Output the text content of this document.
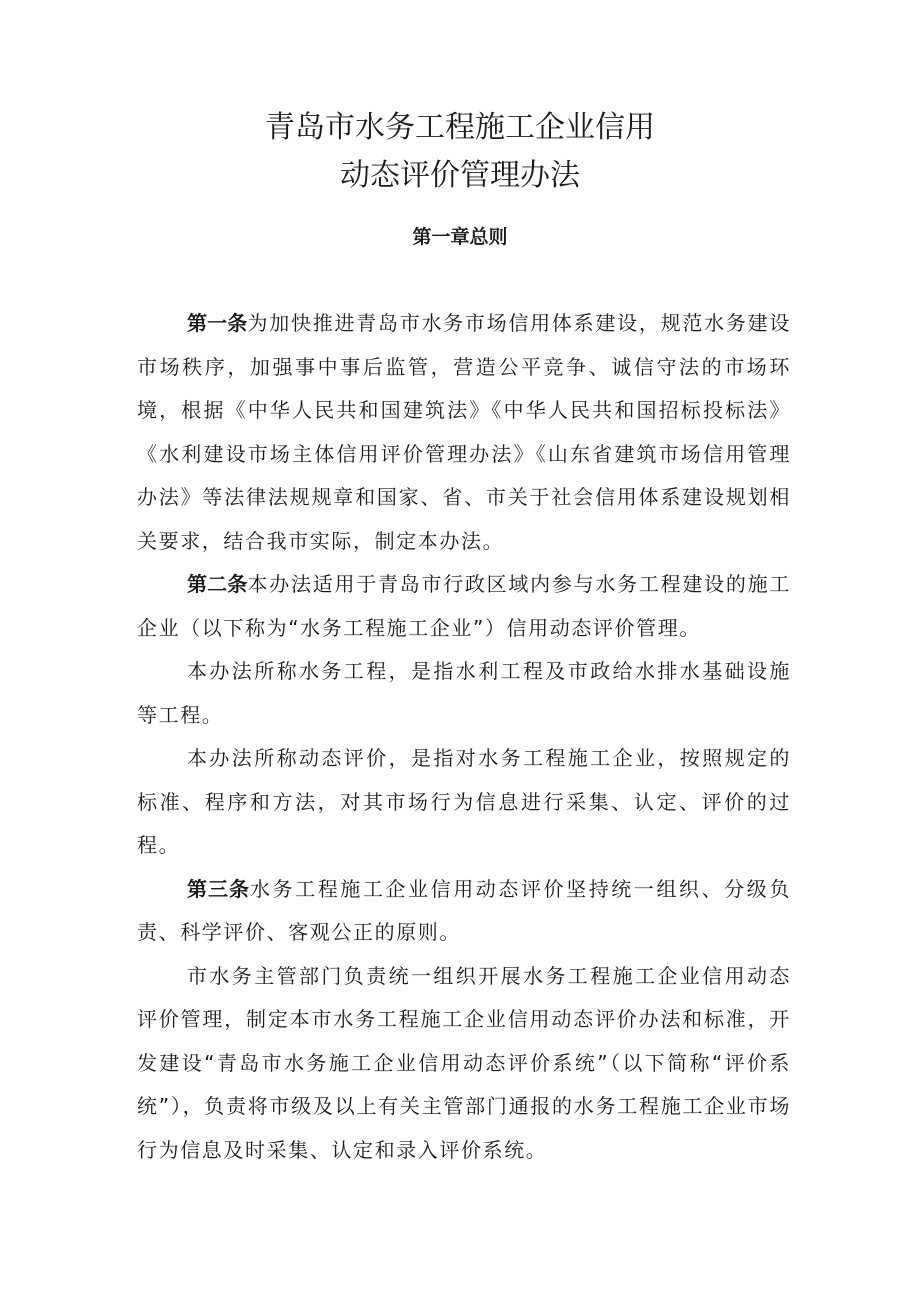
青岛市水务工程施工企业信用
动态评价管理办法
第一章总则

第一条为加快推进青岛市水务市场信用体系建设，规范水务建设市场秩序，加强事中事后监管，营造公平竞争、诚信守法的市场环境，根据《中华人民共和国建筑法》《中华人民共和国招标投标法》《水利建设市场主体信用评价管理办法》《山东省建筑市场信用管理办法》等法律法规规章和国家、省、市关于社会信用体系建设规划相关要求，结合我市实际，制定本办法。

第二条本办法适用于青岛市行政区域内参与水务工程建设的施工企业（以下称为“水务工程施工企业”）信用动态评价管理。

本办法所称水务工程，是指水利工程及市政给水排水基础设施等工程。

本办法所称动态评价，是指对水务工程施工企业，按照规定的标准、程序和方法，对其市场行为信息进行采集、认定、评价的过程。

第三条水务工程施工企业信用动态评价坚持统一组织、分级负责、科学评价、客观公正的原则。

市水务主管部门负责统一组织开展水务工程施工企业信用动态评价管理，制定本市水务工程施工企业信用动态评价办法和标准，开发建设“青岛市水务施工企业信用动态评价系统”（以下简称“评价系统”），负责将市级及以上有关主管部门通报的水务工程施工企业市场行为信息及时采集、认定和录入评价系统。
